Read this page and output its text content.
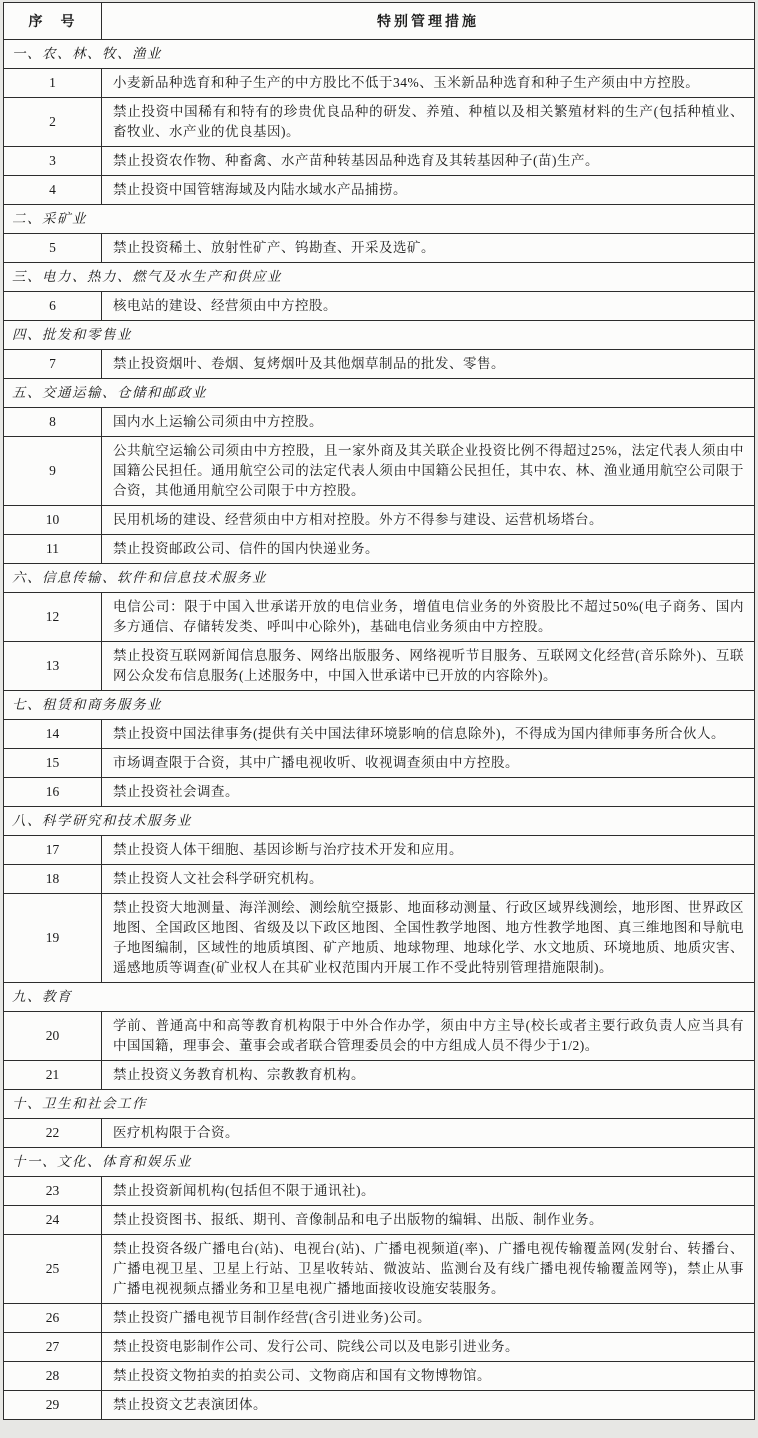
序　号	特别管理措施
一、农、林、牧、渔业	
1	小麦新品种选育和种子生产的中方股比不低于34%、玉米新品种选育和种子生产须由中方控股。
2	禁止投资中国稀有和特有的珍贵优良品种的研发、养殖、种植以及相关繁殖材料的生产(包括种植业、畜牧业、水产业的优良基因)。
3	禁止投资农作物、种畜禽、水产苗种转基因品种选育及其转基因种子(苗)生产。
4	禁止投资中国管辖海域及内陆水域水产品捕捞。
二、采矿业	
5	禁止投资稀土、放射性矿产、钨勘查、开采及选矿。
三、电力、热力、燃气及水生产和供应业	
6	核电站的建设、经营须由中方控股。
四、批发和零售业	
7	禁止投资烟叶、卷烟、复烤烟叶及其他烟草制品的批发、零售。
五、交通运输、仓储和邮政业	
8	国内水上运输公司须由中方控股。
9	公共航空运输公司须由中方控股，且一家外商及其关联企业投资比例不得超过25%，法定代表人须由中国籍公民担任。通用航空公司的法定代表人须由中国籍公民担任，其中农、林、渔业通用航空公司限于合资，其他通用航空公司限于中方控股。
10	民用机场的建设、经营须由中方相对控股。外方不得参与建设、运营机场塔台。
11	禁止投资邮政公司、信件的国内快递业务。
六、信息传输、软件和信息技术服务业	
12	电信公司：限于中国入世承诺开放的电信业务，增值电信业务的外资股比不超过50%(电子商务、国内多方通信、存储转发类、呼叫中心除外)，基础电信业务须由中方控股。
13	禁止投资互联网新闻信息服务、网络出版服务、网络视听节目服务、互联网文化经营(音乐除外)、互联网公众发布信息服务(上述服务中，中国入世承诺中已开放的内容除外)。
七、租赁和商务服务业	
14	禁止投资中国法律事务(提供有关中国法律环境影响的信息除外)，不得成为国内律师事务所合伙人。
15	市场调查限于合资，其中广播电视收听、收视调查须由中方控股。
16	禁止投资社会调查。
八、科学研究和技术服务业	
17	禁止投资人体干细胞、基因诊断与治疗技术开发和应用。
18	禁止投资人文社会科学研究机构。
19	禁止投资大地测量、海洋测绘、测绘航空摄影、地面移动测量、行政区域界线测绘，地形图、世界政区地图、全国政区地图、省级及以下政区地图、全国性教学地图、地方性教学地图、真三维地图和导航电子地图编制，区域性的地质填图、矿产地质、地球物理、地球化学、水文地质、环境地质、地质灾害、遥感地质等调查(矿业权人在其矿业权范围内开展工作不受此特别管理措施限制)。
九、教育	
20	学前、普通高中和高等教育机构限于中外合作办学，须由中方主导(校长或者主要行政负责人应当具有中国国籍，理事会、董事会或者联合管理委员会的中方组成人员不得少于1/2)。
21	禁止投资义务教育机构、宗教教育机构。
十、卫生和社会工作	
22	医疗机构限于合资。
十一、文化、体育和娱乐业	
23	禁止投资新闻机构(包括但不限于通讯社)。
24	禁止投资图书、报纸、期刊、音像制品和电子出版物的编辑、出版、制作业务。
25	禁止投资各级广播电台(站)、电视台(站)、广播电视频道(率)、广播电视传输覆盖网(发射台、转播台、广播电视卫星、卫星上行站、卫星收转站、微波站、监测台及有线广播电视传输覆盖网等)，禁止从事广播电视视频点播业务和卫星电视广播地面接收设施安装服务。
26	禁止投资广播电视节目制作经营(含引进业务)公司。
27	禁止投资电影制作公司、发行公司、院线公司以及电影引进业务。
28	禁止投资文物拍卖的拍卖公司、文物商店和国有文物博物馆。
29	禁止投资文艺表演团体。
